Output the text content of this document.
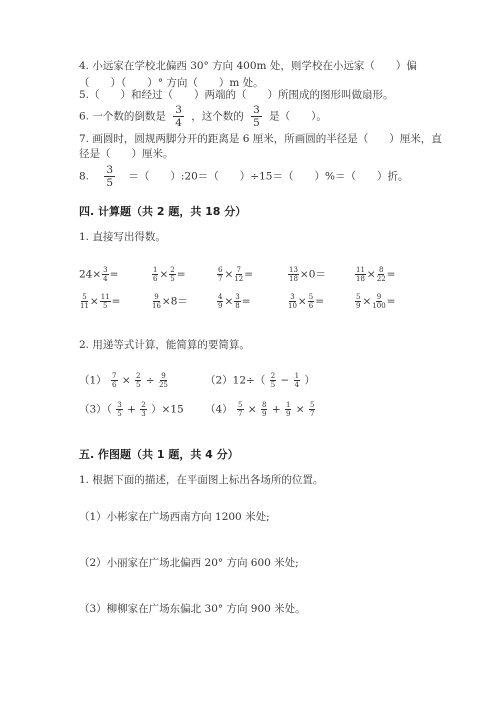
4. 小远家在学校北偏西 30° 方向 400m 处，则学校在小远家（　　）偏
（　　）（　　）° 方向（　　）m 处。
5.（　　）和经过（　　）两端的（　　）所围成的图形叫做扇形。
6. 一个数的倒数是 $\frac{3}{4}$ ，这个数的 $\frac{3}{5}$ 是（　　）。
7. 画圆时，圆规两脚分开的距离是 6 厘米，所画圆的半径是（　　）厘米，直
径是（　　）厘米。
8. $\frac{3}{5}$ ＝（　　）:20＝（　　）÷15＝（　　）%＝（　　）折。
四. 计算题（共 2 题，共 18 分）
1. 直接写出得数。
$24\times \frac{3}{4}$ =	$\frac{1}{6} \times \frac{2}{5}$ =	$\frac{6}{7} \times \frac{7}{12}$ =	$\frac{13}{18} \times 0=$	$\frac{11}{18} \times \frac{8}{22}$ =
$\frac{5}{11} \times \frac{11}{5}$ =	$\frac{9}{16} \times 8=$	$\frac{4}{9} \times \frac{3}{8}$ =	$\frac{3}{10} \times \frac{5}{6}$ =	$\frac{5}{9} \times \frac{9}{100}$ =
2. 用递等式计算，能简算的要简算。
$(1) \frac{7}{6} \times \frac{2}{5} \div \frac{9}{25}$	$(2)12\div( \frac{2}{5} - \frac{1}{4}$ ）
$(3)( \frac{3}{5} + \frac{2}{3} )\times 15$ $(4) \frac{5}{7} \times \frac{8}{9} + \frac{1}{9} \times \frac{5}{7}$
五. 作图题（共 1 题，共 4 分）
1. 根据下面的描述，在平面图上标出各场所的位置。
（1）小彬家在广场西南方向 1200 米处;
（2）小丽家在广场北偏西 20° 方向 600 米处;
（3）柳柳家在广场东偏北 30° 方向 900 米处。
